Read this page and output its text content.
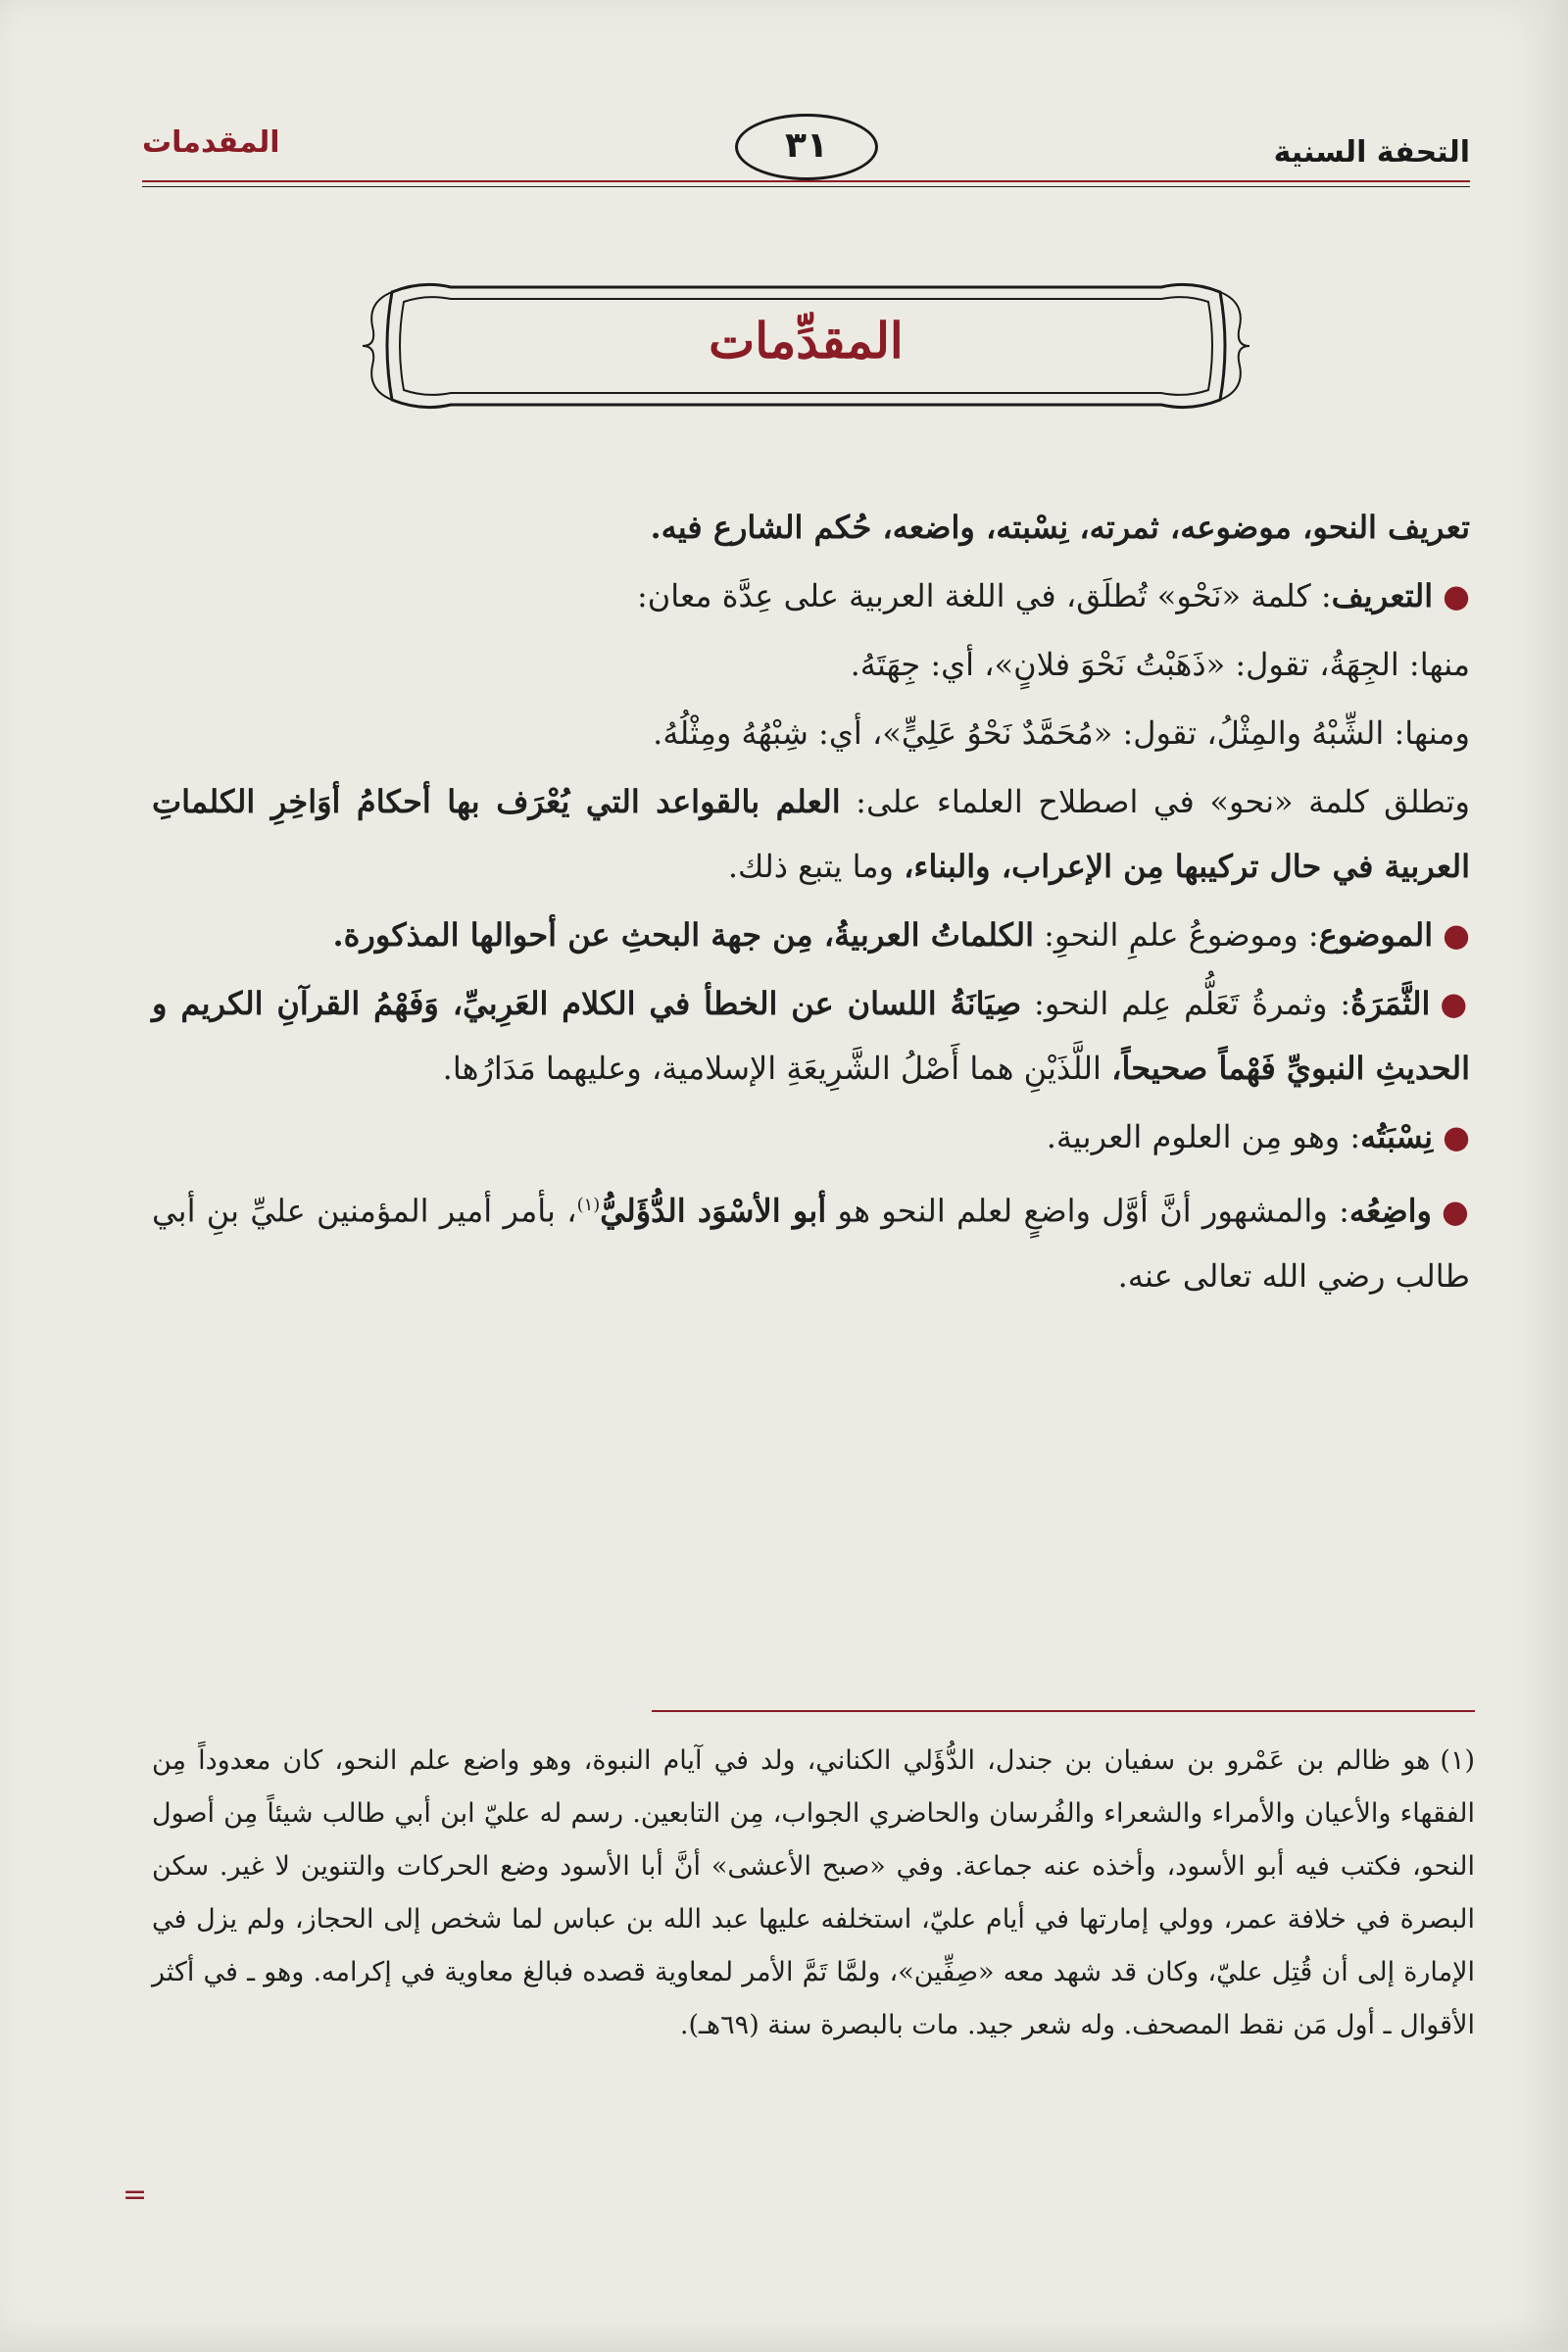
التحفة السنية
المقدمات	٣١
المقدِّمات

تعريف النحو، موضوعه، ثمرته، نِسْبته، واضعه، حُكم الشارع فيه.

●التعريف: كلمة «نَحْو» تُطلَق، في اللغة العربية على عِدَّة معان:

منها: الجِهَةُ، تقول: «ذَهَبْتُ نَحْوَ فلانٍ»، أي: جِهَتَهُ.

ومنها: الشِّبْهُ والمِثْلُ، تقول: «مُحَمَّدٌ نَحْوُ عَلِيٍّ»، أي: شِبْهُهُ ومِثْلُهُ.

وتطلق كلمة «نحو» في اصطلاح العلماء على: العلم بالقواعد التي يُعْرَف بها أحكامُ أوَاخِرِ الكلماتِ العربية في حال تركيبها مِن الإعراب، والبناء، وما يتبع ذلك.

●الموضوع: وموضوعُ علمِ النحوِ: الكلماتُ العربيةُ، مِن جهة البحثِ عن أحوالها المذكورة.

●الثَّمَرَةُ: وثمرةُ تَعَلُّم عِلم النحو: صِيَانَةُ اللسان عن الخطأ في الكلام العَرِبيِّ، وَفَهْمُ القرآنِ الكريم و الحديثِ النبويِّ فَهْماً صحيحاً، اللَّذَيْنِ هما أَصْلُ الشَّرِيعَةِ الإسلامية، وعليهما مَدَارُها.

●نِسْبَتُه: وهو مِن العلوم العربية.

●واضِعُه: والمشهور أنَّ أوَّل واضعٍ لعلم النحو هو أبو الأسْوَد الدُّؤَليُّ$^{(١)}$، بأمر أمير المؤمنين عليِّ بنِ أبي طالب رضي الله تعالى عنه.

(١)هو ظالم بن عَمْرو بن سفيان بن جندل، الدُّؤَلي الكناني، ولد في آيام النبوة، وهو واضع علم النحو، كان معدوداً مِن الفقهاء والأعيان والأمراء والشعراء والفُرسان والحاضري الجواب، مِن التابعين. رسم له عليّ ابن أبي طالب شيئاً مِن أصول النحو، فكتب فيه أبو الأسود، وأخذه عنه جماعة. وفي «صبح الأعشى» أنَّ أبا الأسود وضع الحركات والتنوين لا غير. سكن البصرة في خلافة عمر، وولي إمارتها في أيام عليّ، استخلفه عليها عبد الله بن عباس لما شخص إلى الحجاز، ولم يزل في الإمارة إلى أن قُتِل عليّ، وكان قد شهد معه «صِفِّين»، ولمَّا تَمَّ الأمر لمعاوية قصده فبالغ معاوية في إكرامه. وهو ـ في أكثر الأقوال ـ أول مَن نقط المصحف. وله شعر جيد. مات بالبصرة سنة (٦٩هـ).
=
